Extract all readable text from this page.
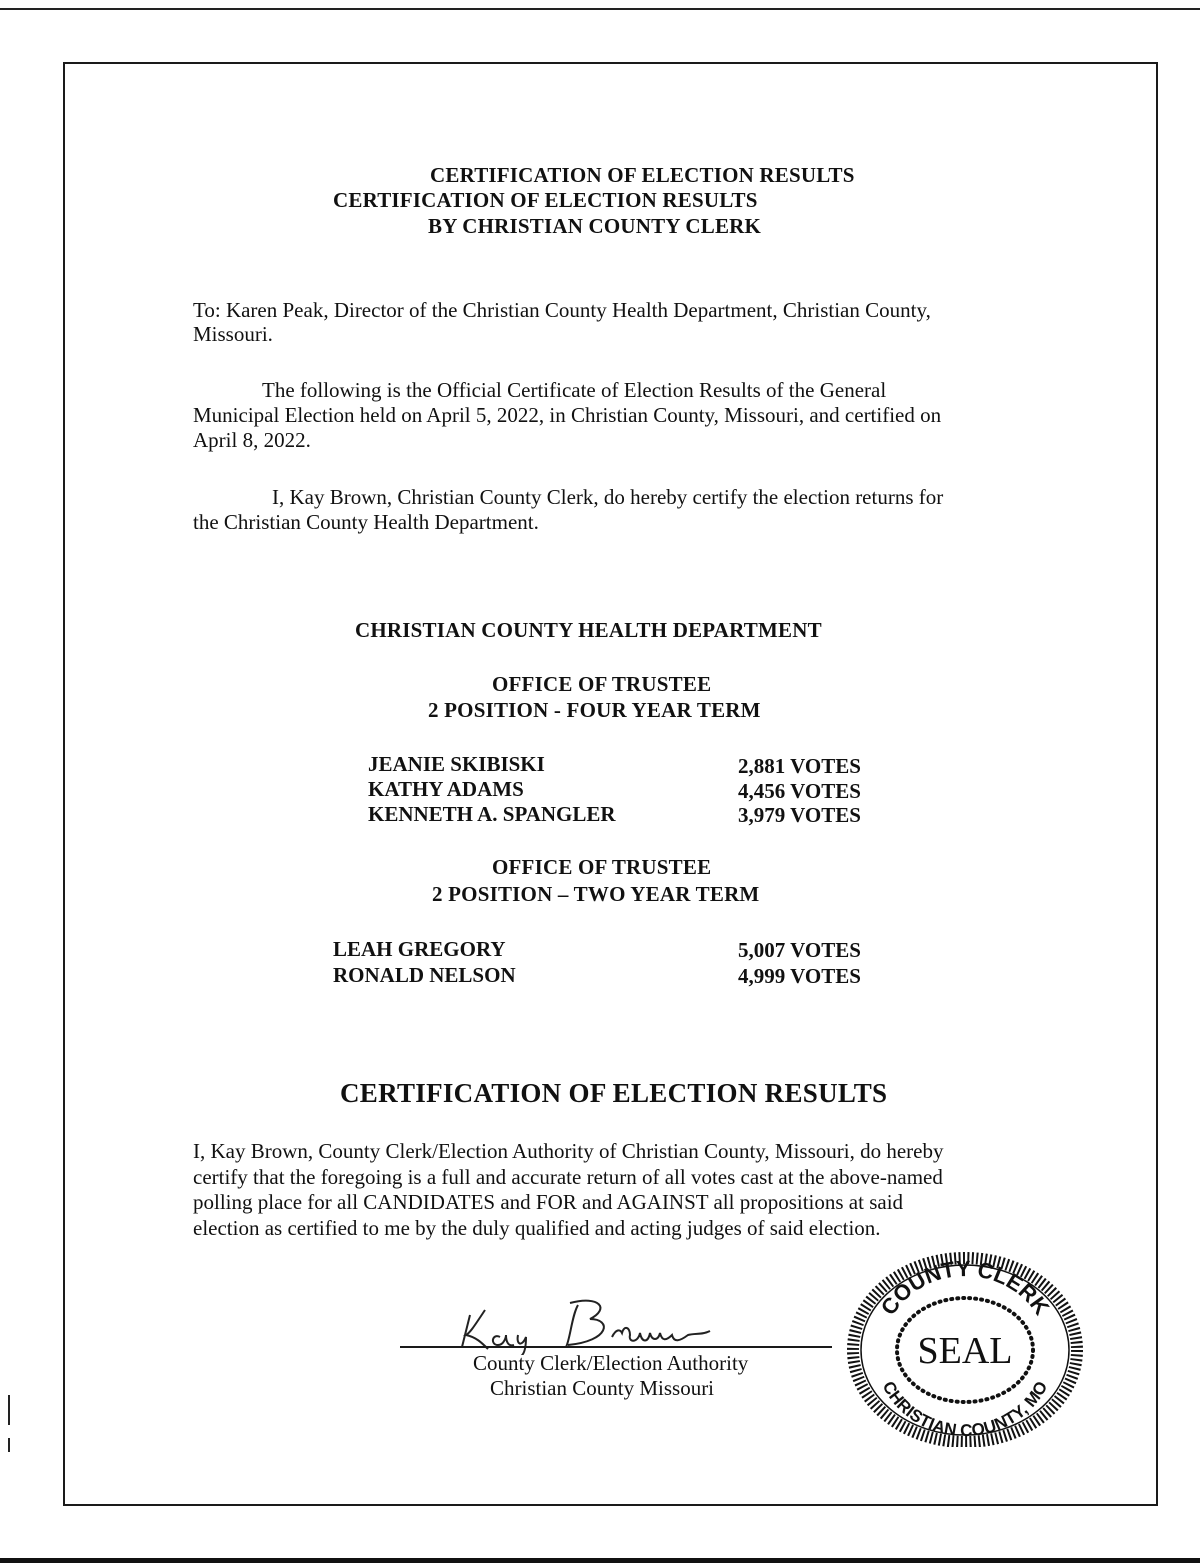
CERTIFICATION OF ELECTION RESULTS
CERTIFICATION OF ELECTION RESULTS
BY CHRISTIAN COUNTY CLERK
To: Karen Peak, Director of the Christian County Health Department, Christian County,
Missouri.
The following is the Official Certificate of Election Results of the General
Municipal Election held on April 5, 2022, in Christian County, Missouri, and certified on
April 8, 2022.
I, Kay Brown, Christian County Clerk, do hereby certify the election returns for
the Christian County Health Department.
CHRISTIAN COUNTY HEALTH DEPARTMENT
OFFICE OF TRUSTEE
2 POSITION - FOUR YEAR TERM
JEANIE SKIBISKI	2,881 VOTES
KATHY ADAMS	4,456 VOTES
KENNETH A. SPANGLER	3,979 VOTES
OFFICE OF TRUSTEE
2 POSITION – TWO YEAR TERM
LEAH GREGORY	5,007 VOTES
RONALD NELSON	4,999 VOTES
CERTIFICATION OF ELECTION RESULTS
I, Kay Brown, County Clerk/Election Authority of Christian County, Missouri, do hereby
certify that the foregoing is a full and accurate return of all votes cast at the above-named
polling place for all CANDIDATES and FOR and AGAINST all propositions at said
election as certified to me by the duly qualified and acting judges of said election.
County Clerk/Election Authority
Christian County Missouri
COUNTY CLERK
CHRISTIAN COUNTY, MO
SEAL
